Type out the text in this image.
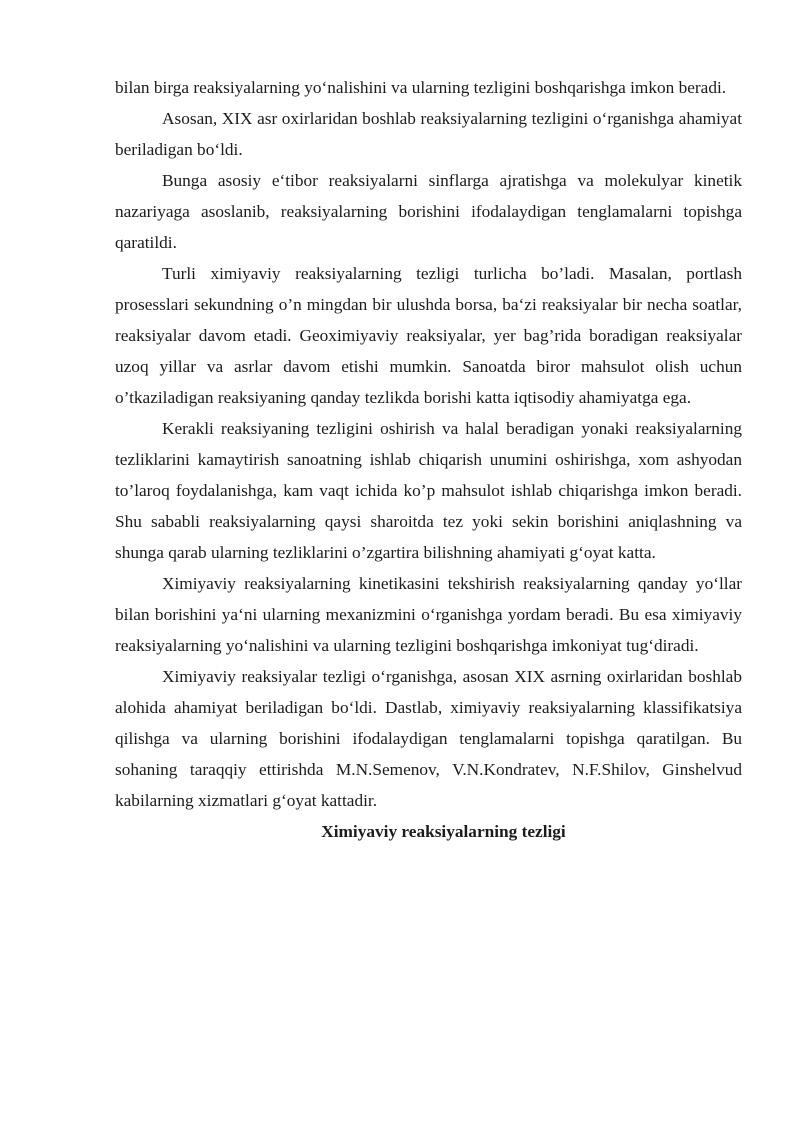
bilan birga reaksiyalarning yo‘nalishini va ularning tezligini boshqarishga imkon beradi.

Asosan, XIX asr oxirlaridan boshlab reaksiyalarning tezligini o‘rganishga ahamiyat beriladigan bo‘ldi.

Bunga asosiy e‘tibor reaksiyalarni sinflarga ajratishga va molekulyar kinetik nazariyaga asoslanib, reaksiyalarning borishini ifodalaydigan tenglamalarni topishga qaratildi.

Turli ximiyaviy reaksiyalarning tezligi turlicha bo’ladi. Masalan, portlash prosesslari sekundning o’n mingdan bir ulushda borsa, ba‘zi reaksiyalar bir necha soatlar, reaksiyalar davom etadi. Geoximiyaviy reaksiyalar, yer bag’rida boradigan reaksiyalar uzoq yillar va asrlar davom etishi mumkin. Sanoatda biror mahsulot olish uchun o’tkaziladigan reaksiyaning qanday tezlikda borishi katta iqtisodiy ahamiyatga ega.

Kerakli reaksiyaning tezligini oshirish va halal beradigan yonaki reaksiyalarning tezliklarini kamaytirish sanoatning ishlab chiqarish unumini oshirishga, xom ashyodan to’laroq foydalanishga, kam vaqt ichida ko’p mahsulot ishlab chiqarishga imkon beradi. Shu sababli reaksiyalarning qaysi sharoitda tez yoki sekin borishini aniqlashning va shunga qarab ularning tezliklarini o’zgartira bilishning ahamiyati g‘oyat katta.

Ximiyaviy reaksiyalarning kinetikasini tekshirish reaksiyalarning qanday yo‘llar bilan borishini ya‘ni ularning mexanizmini o‘rganishga yordam beradi. Bu esa ximiyaviy reaksiyalarning yo‘nalishini va ularning tezligini boshqarishga imkoniyat tug‘diradi.

Ximiyaviy reaksiyalar tezligi o‘rganishga, asosan XIX asrning oxirlaridan boshlab alohida ahamiyat beriladigan bo‘ldi. Dastlab, ximiyaviy reaksiyalarning klassifikatsiya qilishga va ularning borishini ifodalaydigan tenglamalarni topishga qaratilgan. Bu sohaning taraqqiy ettirishda M.N.Semenov, V.N.Kondratev, N.F.Shilov, Ginshelvud kabilarning xizmatlari g‘oyat kattadir.

Ximiyaviy reaksiyalarning tezligi
